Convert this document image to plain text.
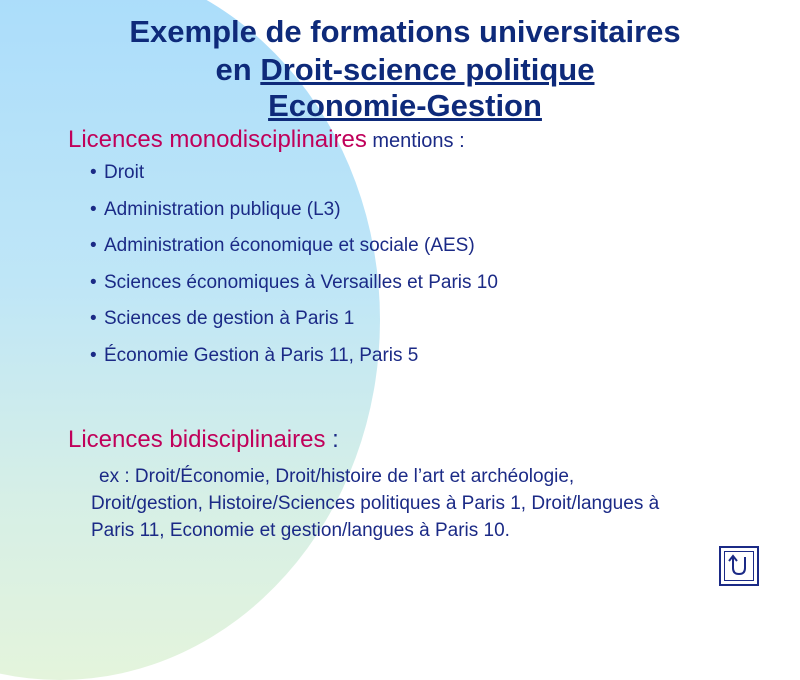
Exemple de formations universitaires
en Droit-science politique
Economie-Gestion
Licences monodisciplinaires mentions :
• Droit
• Administration publique (L3)
• Administration économique et sociale (AES)
• Sciences économiques à Versailles et Paris 10
• Sciences de gestion à Paris 1
• Économie Gestion à Paris 11, Paris 5
Licences bidisciplinaires :
ex : Droit/Économie, Droit/histoire de l’art et archéologie,
Droit/gestion, Histoire/Sciences politiques à Paris 1, Droit/langues à
Paris 11, Economie et gestion/langues à Paris 10.
